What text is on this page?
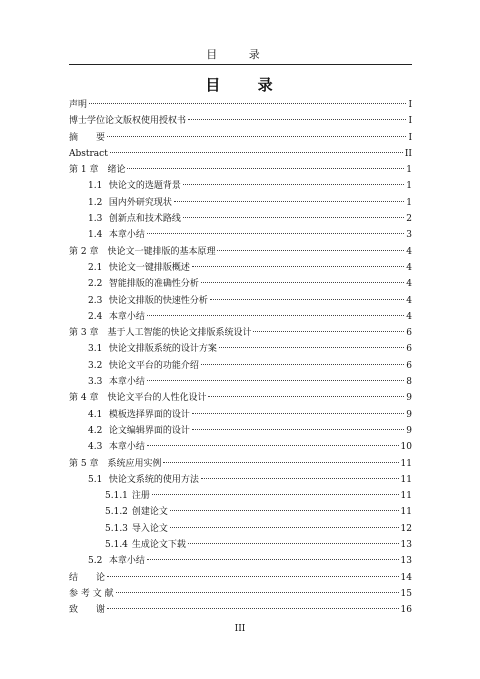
目 录
目 录
声明	I
博士学位论文版权使用授权书	I
摘　　要	I
Abstract	II
第 1 章　绪论	1
1.1 快论文的选题背景	1
1.2 国内外研究现状	1
1.3 创新点和技术路线	2
1.4 本章小结	3
第 2 章　快论文一键排版的基本原理	4
2.1 快论文一键排版概述	4
2.2 智能排版的准确性分析	4
2.3 快论文排版的快速性分析	4
2.4 本章小结	4
第 3 章　基于人工智能的快论文排版系统设计	6
3.1 快论文排版系统的设计方案	6
3.2 快论文平台的功能介绍	6
3.3 本章小结	8
第 4 章　快论文平台的人性化设计	9
4.1 模板选择界面的设计	9
4.2 论文编辑界面的设计	9
4.3 本章小结	10
第 5 章　系统应用实例	11
5.1 快论文系统的使用方法	11
5.1.1 注册	11
5.1.2 创建论文	11
5.1.3 导入论文	12
5.1.4 生成论文下载	13
5.2 本章小结	13
结　　论	14
参 考 文 献	15
致　　谢	16
III
